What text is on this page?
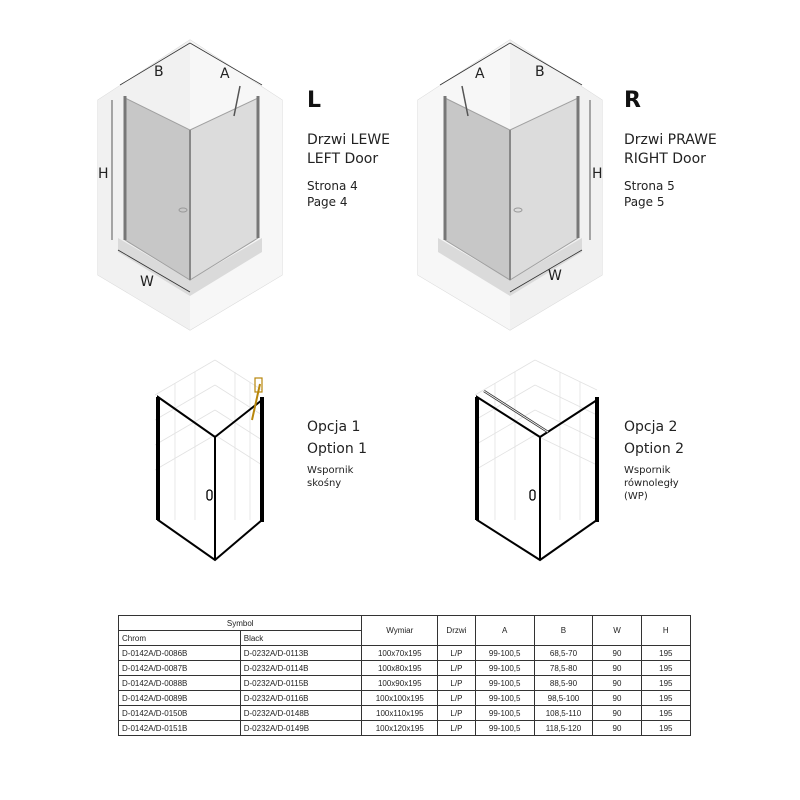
B	A
H
W
L
Drzwi LEWE
LEFT Door
Strona 4
Page 4
A	B
H
W
R
Drzwi PRAWE
RIGHT Door
Strona 5
Page 5
Opcja 1
Option 1
Wspornik
skośny
Opcja 2
Option 2
Wspornik
równoległy
(WP)
Symbol		Wymiar	Drzwi	A	B	W	H
Chrom	Black						
D-0142A/D-0086B	D-0232A/D-0113B	100x70x195	L/P	99-100,5	68,5-70	90	195
D-0142A/D-0087B	D-0232A/D-0114B	100x80x195	L/P	99-100,5	78,5-80	90	195
D-0142A/D-0088B	D-0232A/D-0115B	100x90x195	L/P	99-100,5	88,5-90	90	195
D-0142A/D-0089B	D-0232A/D-0116B	100x100x195	L/P	99-100,5	98,5-100	90	195
D-0142A/D-0150B	D-0232A/D-0148B	100x110x195	L/P	99-100,5	108,5-110	90	195
D-0142A/D-0151B	D-0232A/D-0149B	100x120x195	L/P	99-100,5	118,5-120	90	195
